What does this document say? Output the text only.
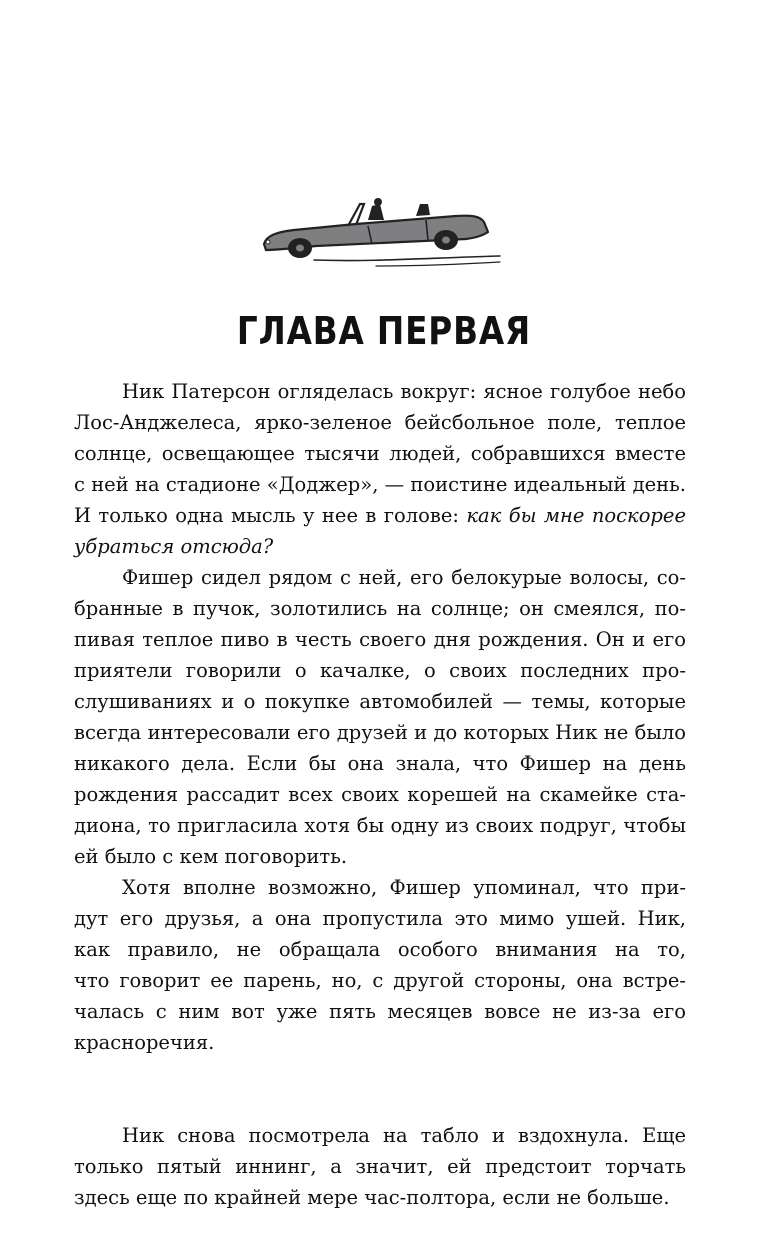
ГЛАВА ПЕРВАЯ
Ник Патерсон огляделась вокруг: ясное голубое небо
Лос-Анджелеса, ярко-зеленое бейсбольное поле, теплое
солнце, освещающее тысячи людей, собравшихся вместе
с ней на стадионе «Доджер», — поистине идеальный день.
И только одна мысль у нее в голове: как бы мне поскорее
убраться отсюда?
Фишер сидел рядом с ней, его белокурые волосы, со-
бранные в пучок, золотились на солнце; он смеялся, по-
пивая теплое пиво в честь своего дня рождения. Он и его
приятели говорили о качалке, о своих последних про-
слушиваниях и о покупке автомобилей — темы, которые
всегда интересовали его друзей и до которых Ник не было
никакого дела. Если бы она знала, что Фишер на день
рождения рассадит всех своих корешей на скамейке ста-
диона, то пригласила хотя бы одну из своих подруг, чтобы
ей было с кем поговорить.
Хотя вполне возможно, Фишер упоминал, что при-
дут его друзья, а она пропустила это мимо ушей. Ник,
как правило, не обращала особого внимания на то,
что говорит ее парень, но, с другой стороны, она встре-
чалась с ним вот уже пять месяцев вовсе не из-за его
красноречия.
Ник снова посмотрела на табло и вздохнула. Еще
только пятый иннинг, а значит, ей предстоит торчать
здесь еще по крайней мере час-полтора, если не больше.
